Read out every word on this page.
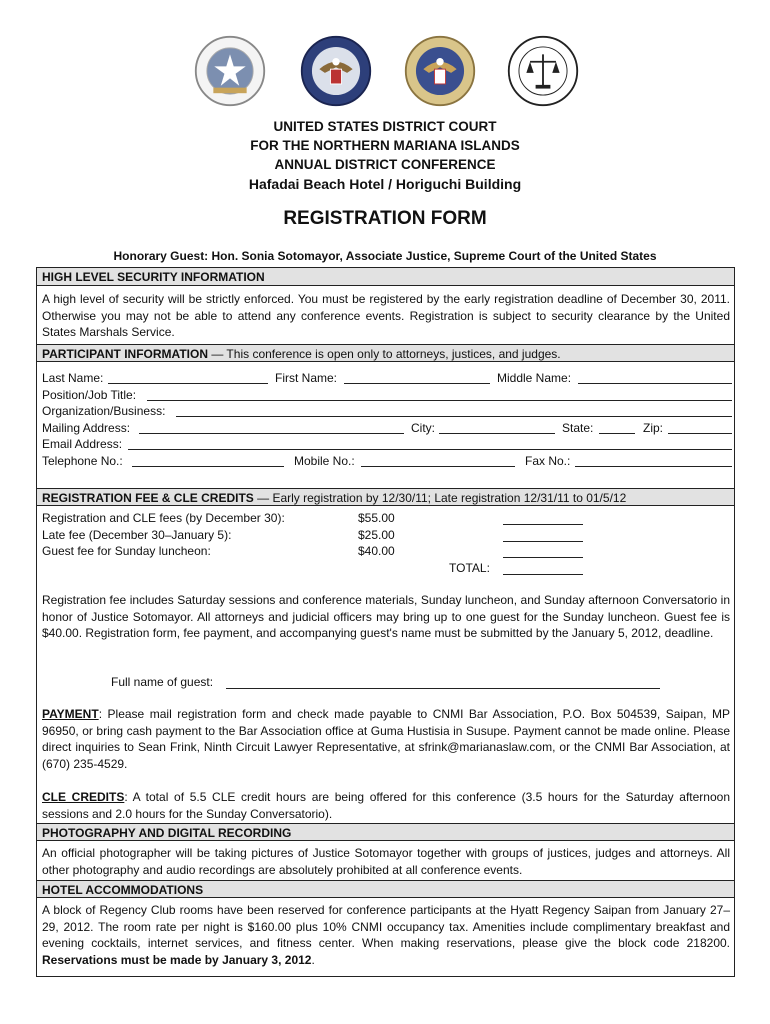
UNITED STATES DISTRICT COURT
FOR THE NORTHERN MARIANA ISLANDS
ANNUAL DISTRICT CONFERENCE
Hafadai Beach Hotel / Horiguchi Building
REGISTRATION FORM
Honorary Guest: Hon. Sonia Sotomayor, Associate Justice, Supreme Court of the United States
HIGH LEVEL SECURITY INFORMATION
A high level of security will be strictly enforced. You must be registered by the early registration deadline of December 30, 2011. Otherwise you may not be able to attend any conference events. Registration is subject to security clearance by the United States Marshals Service.
PARTICIPANT INFORMATION — This conference is open only to attorneys, justices, and judges.
Last Name:	First Name:	Middle Name:
Position/Job Title:
Organization/Business:
Mailing Address:	City:	State:	Zip:
Email Address:
Telephone No.:	Mobile No.:	Fax No.:
REGISTRATION FEE & CLE CREDITS — Early registration by 12/30/11; Late registration 12/31/11 to 01/5/12
Registration and CLE fees (by December 30):	$55.00
Late fee (December 30–January 5):	$25.00
Guest fee for Sunday luncheon:	$40.00
TOTAL:
Registration fee includes Saturday sessions and conference materials, Sunday luncheon, and Sunday afternoon Conversatorio in honor of Justice Sotomayor. All attorneys and judicial officers may bring up to one guest for the Sunday luncheon. Guest fee is $40.00. Registration form, fee payment, and accompanying guest's name must be submitted by the January 5, 2012, deadline.
Full name of guest:
PAYMENT: Please mail registration form and check made payable to CNMI Bar Association, P.O. Box 504539, Saipan, MP 96950, or bring cash payment to the Bar Association office at Guma Hustisia in Susupe. Payment cannot be made online. Please direct inquiries to Sean Frink, Ninth Circuit Lawyer Representative, at sfrink@marianaslaw.com, or the CNMI Bar Association, at (670) 235-4529.
CLE CREDITS: A total of 5.5 CLE credit hours are being offered for this conference (3.5 hours for the Saturday afternoon sessions and 2.0 hours for the Sunday Conversatorio).
PHOTOGRAPHY AND DIGITAL RECORDING
An official photographer will be taking pictures of Justice Sotomayor together with groups of justices, judges and attorneys. All other photography and audio recordings are absolutely prohibited at all conference events.
HOTEL ACCOMMODATIONS
A block of Regency Club rooms have been reserved for conference participants at the Hyatt Regency Saipan from January 27–29, 2012. The room rate per night is $160.00 plus 10% CNMI occupancy tax. Amenities include complimentary breakfast and evening cocktails, internet services, and fitness center. When making reservations, please give the block code 218200. Reservations must be made by January 3, 2012.
